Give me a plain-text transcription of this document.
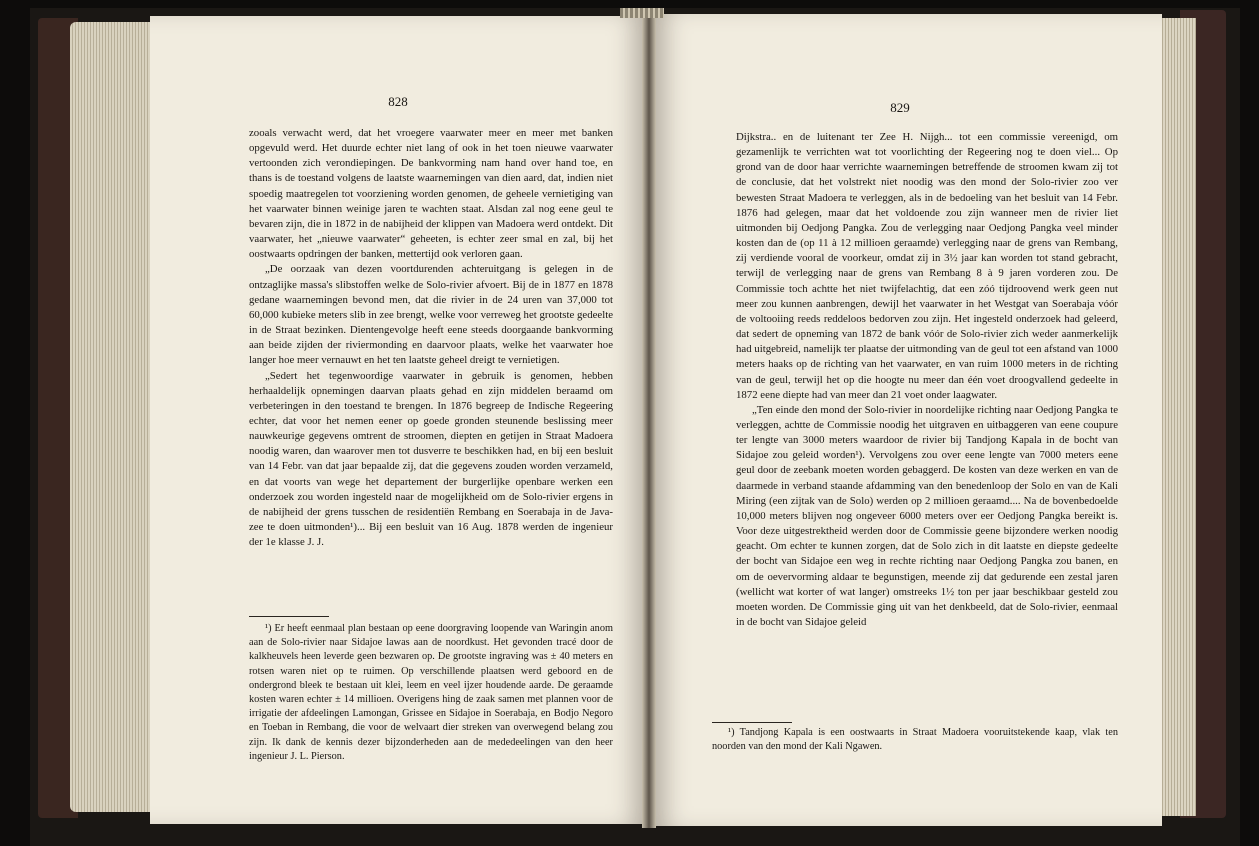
828

zooals verwacht werd, dat het vroegere vaarwater meer en meer met banken opgevuld werd. Het duurde echter niet lang of ook in het toen nieuwe vaarwater vertoonden zich verondiepingen. De bankvorming nam hand over hand toe, en thans is de toestand volgens de laatste waarnemingen van dien aard, dat, indien niet spoedig maatregelen tot voorziening worden genomen, de geheele vernietiging van het vaarwater binnen weinige jaren te wachten staat. Alsdan zal nog eene geul te bevaren zijn, die in 1872 in de nabijheid der klippen van Madoera werd ontdekt. Dit vaarwater, het „nieuwe vaarwater“ geheeten, is echter zeer smal en zal, bij het oostwaarts opdringen der banken, mettertijd ook verloren gaan.

„De oorzaak van dezen voortdurenden achteruitgang is gelegen in de ontzaglijke massa's slibstoffen welke de Solo-rivier afvoert. Bij de in 1877 en 1878 gedane waarnemingen bevond men, dat die rivier in de 24 uren van 37,000 tot 60,000 kubieke meters slib in zee brengt, welke voor verreweg het grootste gedeelte in de Straat bezinken. Dientengevolge heeft eene steeds doorgaande bankvorming aan beide zijden der riviermonding en daarvoor plaats, welke het vaarwater hoe langer hoe meer vernauwt en het ten laatste geheel dreigt te vernietigen.

„Sedert het tegenwoordige vaarwater in gebruik is genomen, hebben herhaaldelijk opnemingen daarvan plaats gehad en zijn middelen beraamd om verbeteringen in den toestand te brengen. In 1876 begreep de Indische Regeering echter, dat voor het nemen eener op goede gronden steunende beslissing meer nauwkeurige gegevens omtrent de stroomen, diepten en getijen in Straat Madoera noodig waren, dan waarover men tot dusverre te beschikken had, en bij een besluit van 14 Febr. van dat jaar bepaalde zij, dat die gegevens zouden worden verzameld, en dat voorts van wege het departement der burgerlijke openbare werken een onderzoek zou worden ingesteld naar de mogelijkheid om de Solo-rivier ergens in de nabijheid der grens tusschen de residentiën Rembang en Soerabaja in de Java-zee te doen uitmonden¹)... Bij een besluit van 16 Aug. 1878 werden de ingenieur der 1e klasse J. J.

¹) Er heeft eenmaal plan bestaan op eene doorgraving loopende van Waringin anom aan de Solo-rivier naar Sidajoe lawas aan de noordkust. Het gevonden tracé door de kalkheuvels heen leverde geen bezwaren op. De grootste ingraving was ± 40 meters en rotsen waren niet op te ruimen. Op verschillende plaatsen werd geboord en de ondergrond bleek te bestaan uit klei, leem en veel ijzer houdende aarde. De geraamde kosten waren echter ± 14 millioen. Overigens hing de zaak samen met plannen voor de irrigatie der afdeelingen Lamongan, Grissee en Sidajoe in Soerabaja, en Bodjo Negoro en Toeban in Rembang, die voor de welvaart dier streken van overwegend belang zou zijn. Ik dank de kennis dezer bijzonderheden aan de mededeelingen van den heer ingenieur J. L. Pierson.

829

Dijkstra.. en de luitenant ter Zee H. Nijgh... tot een commissie vereenigd, om gezamenlijk te verrichten wat tot voorlichting der Regeering nog te doen viel... Op grond van de door haar verrichte waarnemingen betreffende de stroomen kwam zij tot de conclusie, dat het volstrekt niet noodig was den mond der Solo-rivier zoo ver bewesten Straat Madoera te verleggen, als in de bedoeling van het besluit van 14 Febr. 1876 had gelegen, maar dat het voldoende zou zijn wanneer men de rivier liet uitmonden bij Oedjong Pangka. Zou de verlegging naar Oedjong Pangka veel minder kosten dan de (op 11 à 12 millioen geraamde) verlegging naar de grens van Rembang, zij verdiende vooral de voorkeur, omdat zij in 3½ jaar kan worden tot stand gebracht, terwijl de verlegging naar de grens van Rembang 8 à 9 jaren vorderen zou. De Commissie toch achtte het niet twijfelachtig, dat een zóó tijdroovend werk geen nut meer zou kunnen aanbrengen, dewijl het vaarwater in het Westgat van Soerabaja vóór de voltooiing reeds reddeloos bedorven zou zijn. Het ingesteld onderzoek had geleerd, dat sedert de opneming van 1872 de bank vóór de Solo-rivier zich weder aanmerkelijk had uitgebreid, namelijk ter plaatse der uitmonding van de geul tot een afstand van 1000 meters haaks op de richting van het vaarwater, en van ruim 1000 meters in de richting van de geul, terwijl het op die hoogte nu meer dan één voet droogvallend gedeelte in 1872 eene diepte had van meer dan 21 voet onder laagwater.

„Ten einde den mond der Solo-rivier in noordelijke richting naar Oedjong Pangka te verleggen, achtte de Commissie noodig het uitgraven en uitbaggeren van eene coupure ter lengte van 3000 meters waardoor de rivier bij Tandjong Kapala in de bocht van Sidajoe zou geleid worden¹). Vervolgens zou over eene lengte van 7000 meters eene geul door de zeebank moeten worden gebaggerd. De kosten van deze werken en van de daarmede in verband staande afdamming van den benedenloop der Solo en van de Kali Miring (een zijtak van de Solo) werden op 2 millioen geraamd.... Na de bovenbedoelde 10,000 meters blijven nog ongeveer 6000 meters over eer Oedjong Pangka bereikt is. Voor deze uitgestrektheid werden door de Commissie geene bijzondere werken noodig geacht. Om echter te kunnen zorgen, dat de Solo zich in dit laatste en diepste gedeelte der bocht van Sidajoe een weg in rechte richting naar Oedjong Pangka zou banen, en om de oevervorming aldaar te begunstigen, meende zij dat gedurende een zestal jaren (wellicht wat korter of wat langer) omstreeks 1½ ton per jaar beschikbaar gesteld zou moeten worden. De Commissie ging uit van het denkbeeld, dat de Solo-rivier, eenmaal in de bocht van Sidajoe geleid

¹) Tandjong Kapala is een oostwaarts in Straat Madoera vooruitstekende kaap, vlak ten noorden van den mond der Kali Ngawen.
